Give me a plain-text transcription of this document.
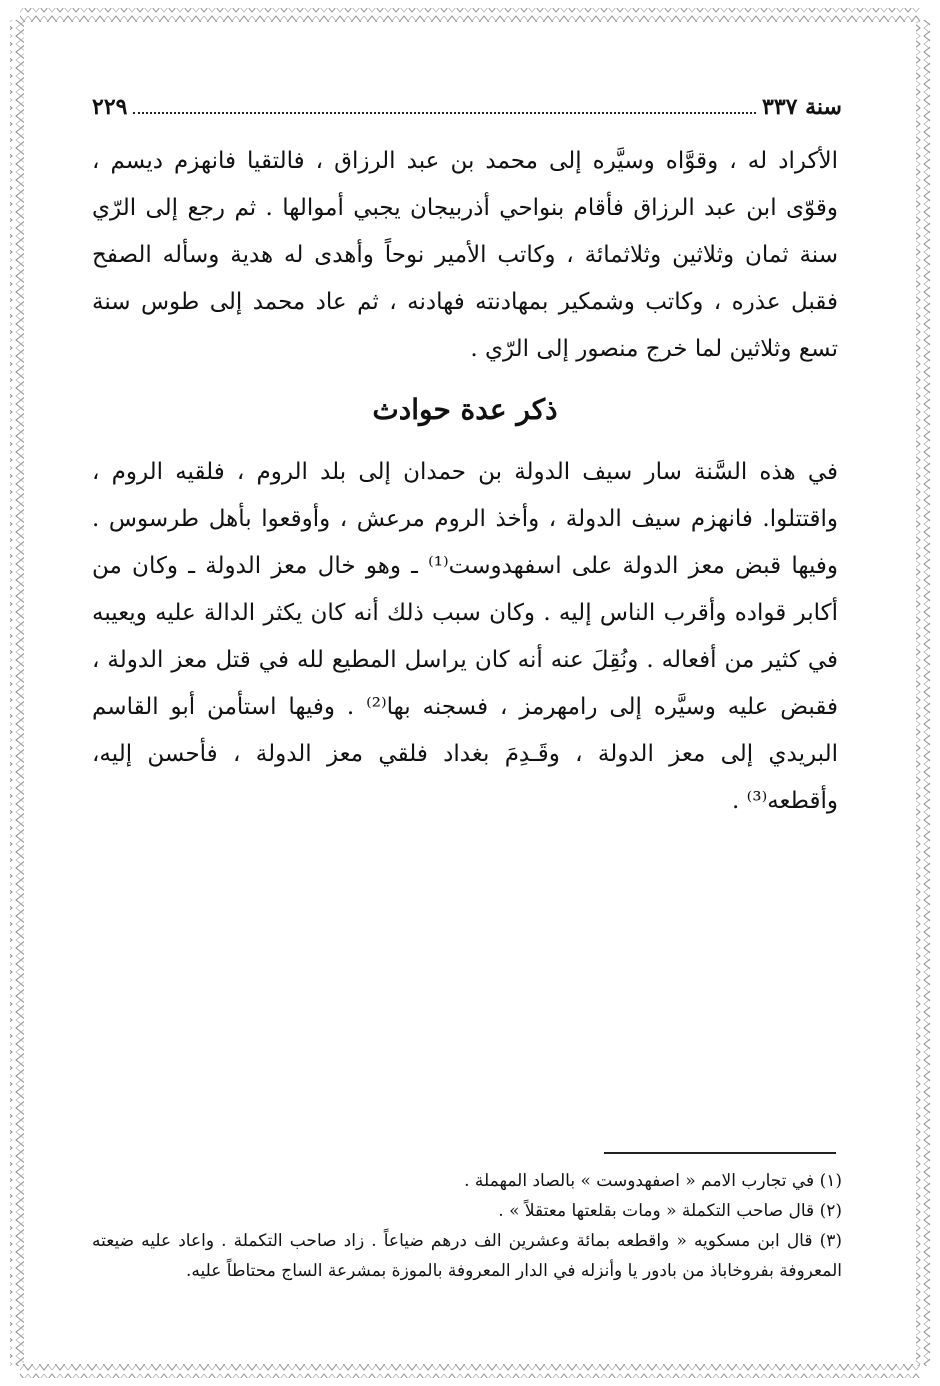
سنة ٣٣٧
٢٢٩

الأكراد له ، وقوَّاه وسيَّره إلى محمد بن عبد الرزاق ، فالتقيا فانهزم ديسم ، وقوّى ابن عبد الرزاق فأقام بنواحي أذربيجان يجبي أموالها . ثم رجع إلى الرّي سنة ثمان وثلاثين وثلاثمائة ، وكاتب الأمير نوحاً وأهدى له هدية وسأله الصفح فقبل عذره ، وكاتب وشمكير بمهادنته فهادنه ، ثم عاد محمد إلى طوس سنة تسع وثلاثين لما خرج منصور إلى الرّي .

ذكر عدة حوادث

في هذه السَّنة سار سيف الدولة بن حمدان إلى بلد الروم ، فلقيه الروم ، واقتتلوا. فانهزم سيف الدولة ، وأخذ الروم مرعش ، وأوقعوا بأهل طرسوس . وفيها قبض معز الدولة على اسفهدوست⁽¹⁾ ـ وهو خال معز الدولة ـ وكان من أكابر قواده وأقرب الناس إليه . وكان سبب ذلك أنه كان يكثر الدالة عليه ويعيبه في كثير من أفعاله . ونُقِلَ عنه أنه كان يراسل المطيع لله في قتل معز الدولة ، فقبض عليه وسيَّره إلى رامهرمز ، فسجنه بها⁽²⁾ . وفيها استأمن أبو القاسم البريدي إلى معز الدولة ، وقَـدِمَ بغداد فلقي معز الدولة ، فأحسن إليه، وأقطعه⁽³⁾ .

(١) في تجارب الامم « اصفهدوست » بالصاد المهملة .

(٢) قال صاحب التكملة « ومات بقلعتها معتقلاً » .

(٣) قال ابن مسكويه « واقطعه بمائة وعشرين الف درهم ضياعاً . زاد صاحب التكملة . واعاد عليه ضيعته المعروفة بفروخاباذ من بادور يا وأنزله في الدار المعروفة بالموزة بمشرعة الساج محتاطاً عليه.
